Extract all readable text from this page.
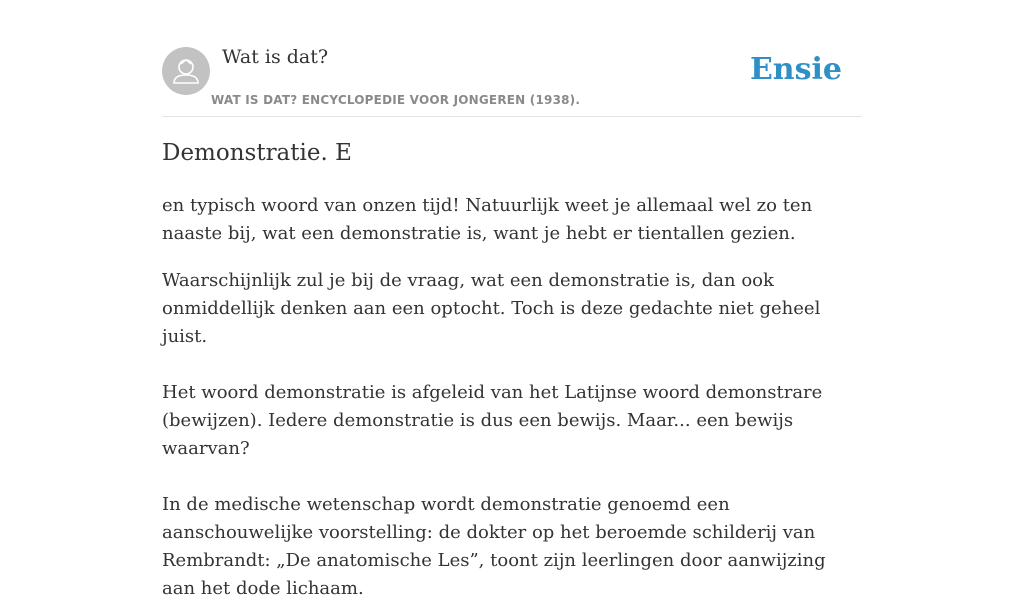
Wat is dat?
WAT IS DAT? ENCYCLOPEDIE VOOR JONGEREN (1938).
Ensie
Demonstratie. E

en typisch woord van onzen tijd! Natuurlijk weet je allemaal wel zo ten naaste bij, wat een demonstratie is, want je hebt er tientallen gezien.

Waarschijnlijk zul je bij de vraag, wat een demonstratie is, dan ook onmiddellijk denken aan een optocht. Toch is deze gedachte niet geheel juist.

Het woord demonstratie is afgeleid van het Latijnse woord demonstrare (bewijzen). Iedere demonstratie is dus een bewijs. Maar... een bewijs waarvan?

In de medische wetenschap wordt demonstratie genoemd een aanschouwelijke voorstelling: de dokter op het beroemde schilderij van Rembrandt: „De anatomische Les”, toont zijn leerlingen door aanwijzing aan het dode lichaam.
